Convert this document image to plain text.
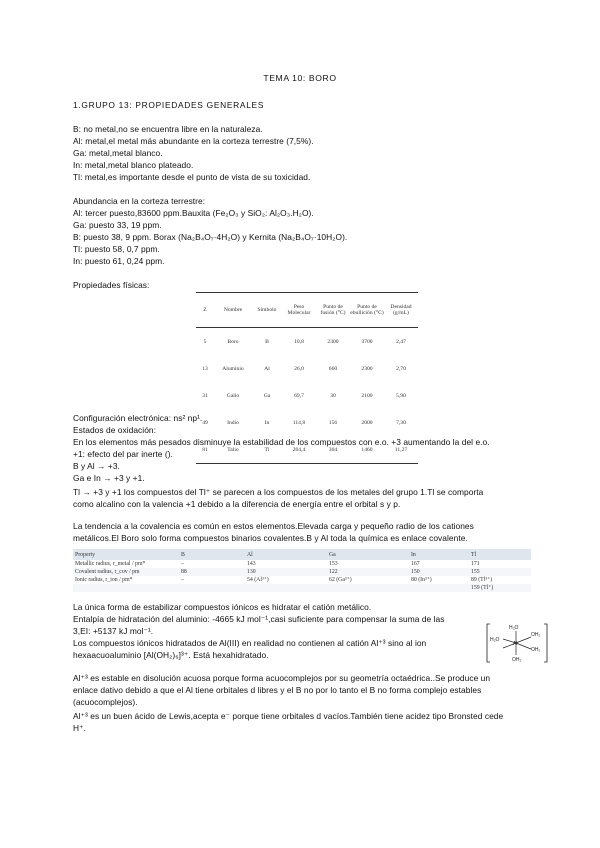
TEMA 10: BORO
1.GRUPO 13: PROPIEDADES GENERALES
B: no metal,no se encuentra libre en la naturaleza.
Al: metal,el metal más abundante en la corteza terrestre (7,5%).
Ga: metal,metal blanco.
In: metal,metal blanco plateado.
Tl: metal,es importante desde el punto de vista de su toxicidad.
Abundancia en la corteza terrestre:
Al: tercer puesto,83600 ppm.Bauxita (Fe₂O₃ y SiO₂: Al₂O₃.H₂O).
Ga: puesto 33, 19 ppm.
B: puesto 38, 9 ppm. Borax (Na₂B₄O₇·4H₂O) y Kernita (Na₂B₄O₇·10H₂O).
Tl: puesto 58, 0,7 ppm.
In: puesto 61, 0,24 ppm.
Propiedades físicas:
Z	Nombre	Símbolo	Peso Molecular	Punto de fusión (°C)	Punto de ebullición (°C)	Densidad (g/mL)
5	Boro	B	10,8	2300	3700	2,47
13	Aluminio	Al	26,0	660	2300	2,70
31	Galio	Ga	69,7	30	2100	5,90
49	Indio	In	114,8	156	2000	7,30
81	Talio	Tl	204,4	304	1460	11,27
Configuración electrónica: ns² np¹.
Estados de oxidación:
En los elementos más pesados disminuye la estabilidad de los compuestos con e.o. +3 aumentando la del e.o.
+1: efecto del par inerte ().
B y Al → +3.
Ga e In → +3 y +1.
Tl → +3 y +1 los compuestos del Tl⁺ se parecen a los compuestos de los metales del grupo 1.Tl se comporta
como alcalino con la valencia +1 debido a la diferencia de energía entre el orbital s y p.
La tendencia a la covalencia es común en estos elementos.Elevada carga y pequeño radio de los cationes
metálicos.El Boro solo forma compuestos binarios covalentes.B y Al toda la química es enlace covalente.
Property	B	Al	Ga	In	Tl
Metallic radius, r_metal / pm*	–	143	153	167	171
Covalent radius, r_cov / pm	88	130	122	150	155
Ionic radius, r_ion / pm*	–	54 (Al³⁺)	62 (Ga³⁺)	80 (In³⁺)	89 (Tl³⁺)
					159 (Tl⁺)
La única forma de estabilizar compuestos iónicos es hidratar el catión metálico.
Entalpía de hidratación del aluminio: -4665 kJ mol⁻¹,casi suficiente para compensar la suma de las
3,EI: +5137 kJ mol⁻¹.
Los compuestos iónicos hidratados de Al(III) en realidad no contienen al catión Al⁺³ sino al ion
hexaacuoaluminio [Al(OH₂)₆]³⁺. Está hexahidratado.
H₂O
OH₂
Al
OH₂
H₂O
OH₂
Al⁺³ es estable en disolución acuosa porque forma acuocomplejos por su geometría octaédrica..Se produce un
enlace dativo debido a que el Al tiene orbitales d libres y el B no por lo tanto el B no forma complejo estables
(acuocomplejos).
Al⁺³ es un buen ácido de Lewis,acepta e⁻ porque tiene orbitales d vacíos.También tiene acidez tipo Bronsted cede
H⁺.
